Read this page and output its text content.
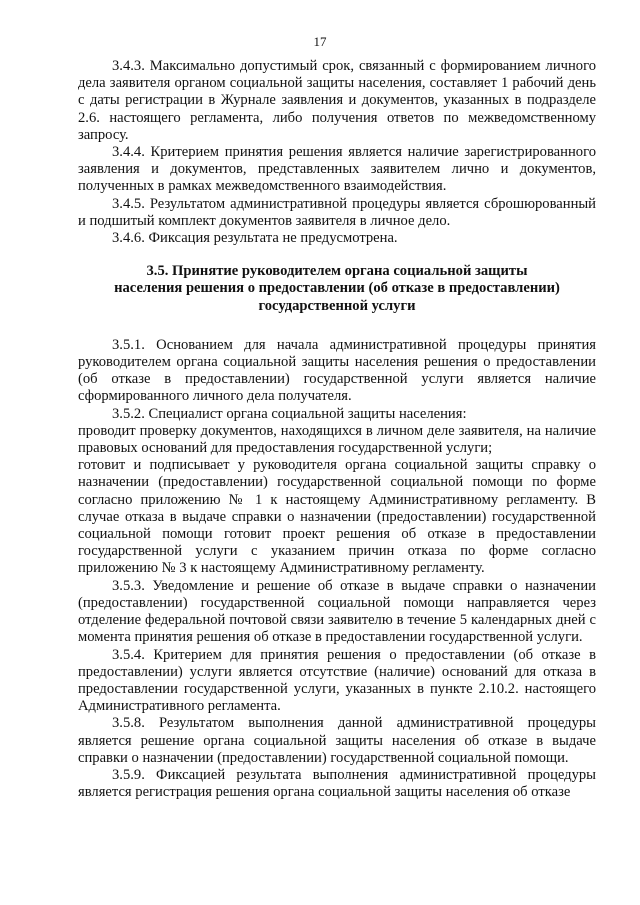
17

3.4.3. Максимально допустимый срок, связанный с формированием личного дела заявителя органом социальной защиты населения, составляет 1 рабочий день с даты регистрации в Журнале заявления и документов, указанных в подразделе 2.6. настоящего регламента, либо получения ответов по межведомственному запросу.

3.4.4. Критерием принятия решения является наличие зарегистрированного заявления и документов, представленных заявителем лично и документов, полученных в рамках межведомственного взаимодействия.

3.4.5. Результатом административной процедуры является сброшюрованный и подшитый комплект документов заявителя в личное дело.

3.4.6. Фиксация результата не предусмотрена.

3.5. Принятие руководителем органа социальной защиты
населения решения о предоставлении (об отказе в предоставлении)
государственной услуги

3.5.1. Основанием для начала административной процедуры принятия руководителем органа социальной защиты населения решения о предоставлении (об отказе в предоставлении) государственной услуги является наличие сформированного личного дела получателя.

3.5.2. Специалист органа социальной защиты населения:

проводит проверку документов, находящихся в личном деле заявителя, на наличие правовых оснований для предоставления государственной услуги;

готовит и подписывает у руководителя органа социальной защиты справку о назначении (предоставлении) государственной социальной помощи по форме согласно приложению № 1 к настоящему Административному регламенту. В случае отказа в выдаче справки о назначении (предоставлении) государственной социальной помощи готовит проект решения об отказе в предоставлении государственной услуги с указанием причин отказа по форме согласно приложению № 3 к настоящему Административному регламенту.

3.5.3. Уведомление и решение об отказе в выдаче справки о назначении (предоставлении) государственной социальной помощи направляется через отделение федеральной почтовой связи заявителю в течение 5 календарных дней с момента принятия решения об отказе в предоставлении государственной услуги.

3.5.4. Критерием для принятия решения о предоставлении (об отказе в предоставлении) услуги является отсутствие (наличие) оснований для отказа в предоставлении государственной услуги, указанных в пункте 2.10.2. настоящего Административного регламента.

3.5.8. Результатом выполнения данной административной процедуры является решение органа социальной защиты населения об отказе в выдаче справки о назначении (предоставлении) государственной социальной помощи.

3.5.9. Фиксацией результата выполнения административной процедуры является регистрация решения органа социальной защиты населения об отказе
